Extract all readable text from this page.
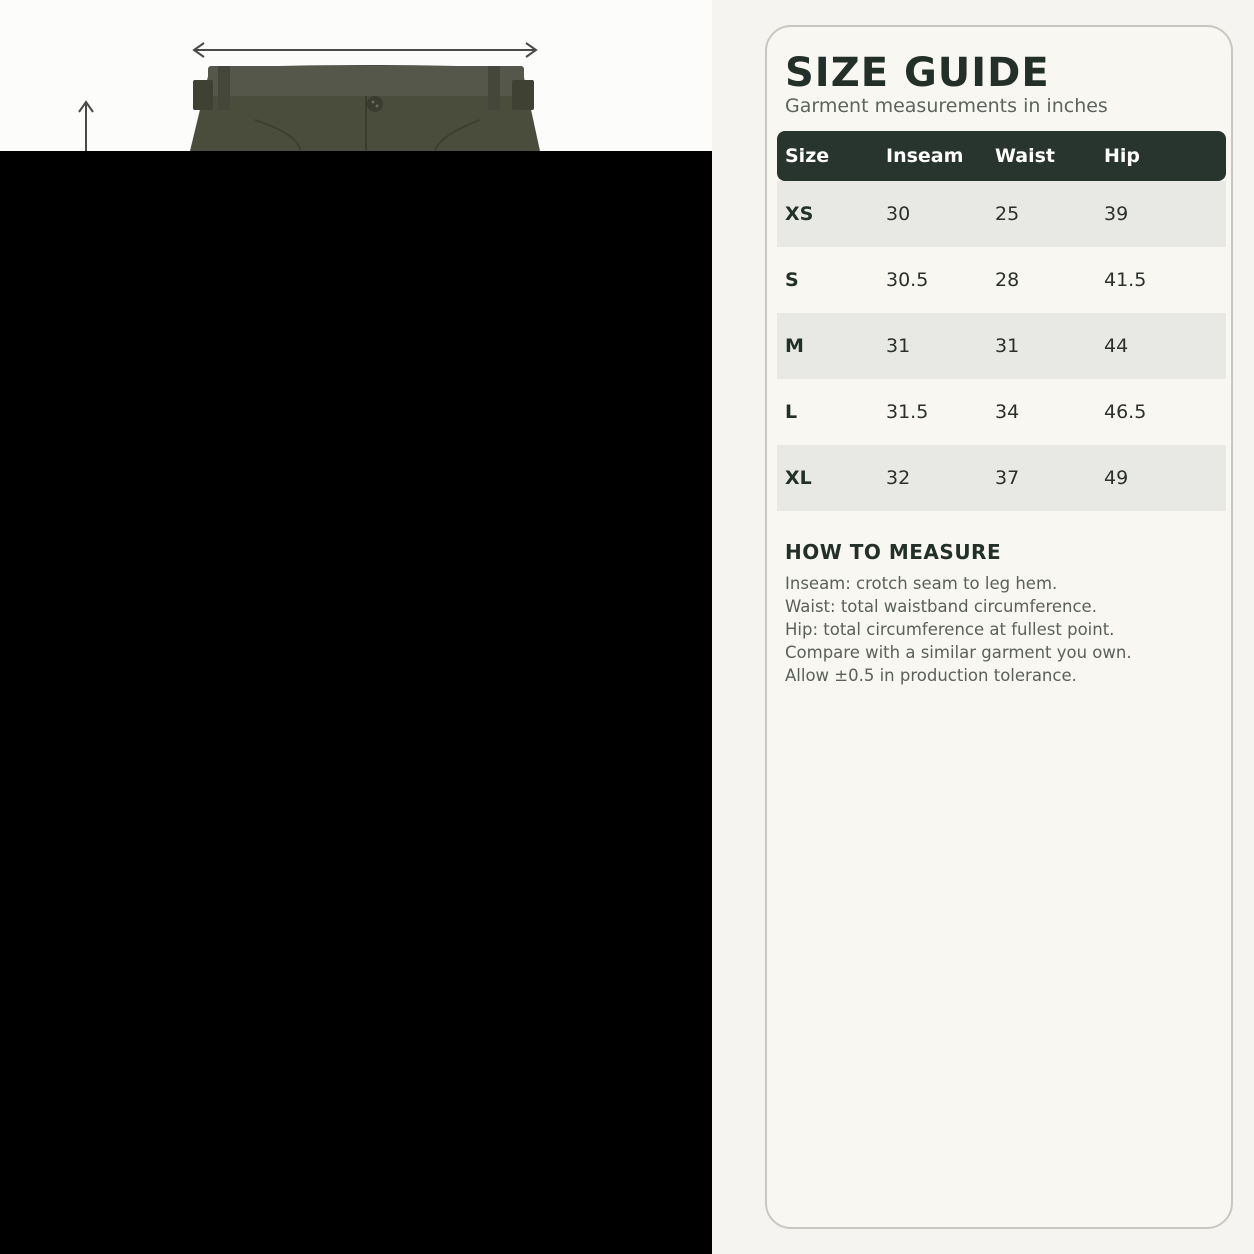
SIZE GUIDE
Garment measurements in inches
Size	Inseam	Waist	Hip
XS	30	25	39
S	30.5	28	41.5
M	31	31	44
L	31.5	34	46.5
XL	32	37	49
HOW TO MEASURE
Inseam: crotch seam to leg hem.
Waist: total waistband circumference.
Hip: total circumference at fullest point.
Compare with a similar garment you own.
Allow ±0.5 in production tolerance.
